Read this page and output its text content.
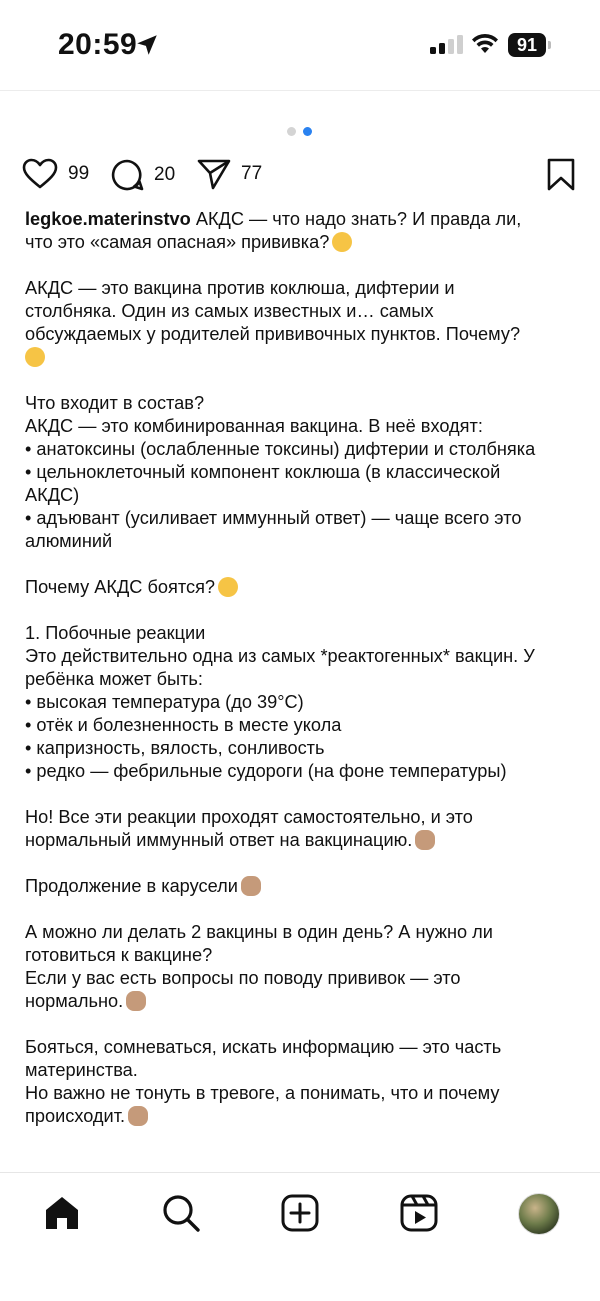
20:59	91
99	20	77

legkoe.materinstvo АКДС — что надо знать? И правда ли,

что это «самая опасная» прививка?

АКДС — это вакцина против коклюша, дифтерии и

столбняка. Один из самых известных и… самых

обсуждаемых у родителей прививочных пунктов. Почему?

Что входит в состав?

АКДС — это комбинированная вакцина. В неё входят:

• анатоксины (ослабленные токсины) дифтерии и столбняка

• цельноклеточный компонент коклюша (в классической

АКДС)

• адъювант (усиливает иммунный ответ) — чаще всего это

алюминий

Почему АКДС боятся?

1. Побочные реакции

Это действительно одна из самых *реактогенных* вакцин. У

ребёнка может быть:

• высокая температура (до 39°C)

• отёк и болезненность в месте укола

• капризность, вялость, сонливость

• редко — фебрильные судороги (на фоне температуры)

Но! Все эти реакции проходят самостоятельно, и это

нормальный иммунный ответ на вакцинацию.

Продолжение в карусели

А можно ли делать 2 вакцины в один день? А нужно ли

готовиться к вакцине?

Если у вас есть вопросы по поводу прививок — это

нормально.

Бояться, сомневаться, искать информацию — это часть

материнства.

Но важно не тонуть в тревоге, а понимать, что и почему

происходит.
